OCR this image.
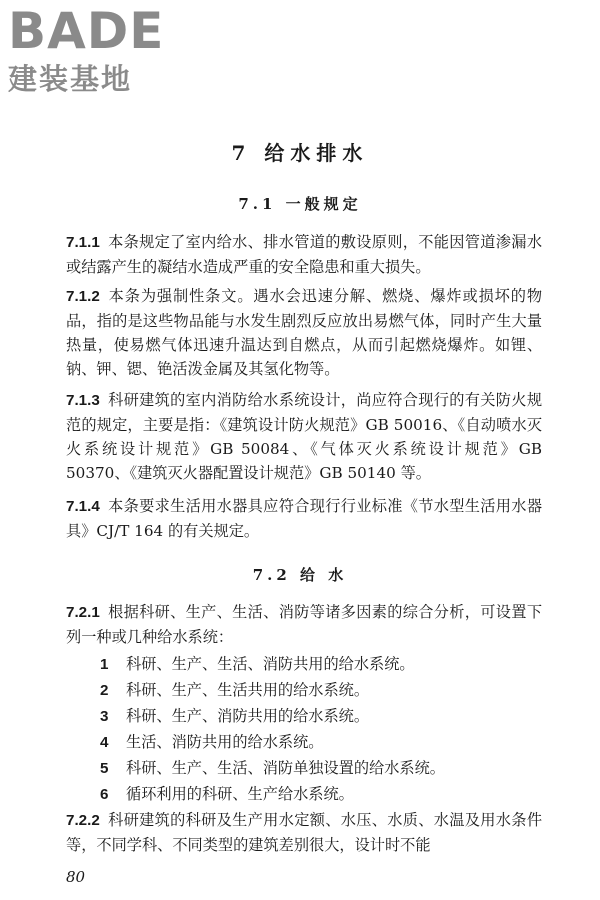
BADE
建装基地
7 给水排水
7.1 一般规定

7.1.1 本条规定了室内给水、排水管道的敷设原则，不能因管道渗漏水或结露产生的凝结水造成严重的安全隐患和重大损失。

7.1.2 本条为强制性条文。遇水会迅速分解、燃烧、爆炸或损坏的物品，指的是这些物品能与水发生剧烈反应放出易燃气体，同时产生大量热量，使易燃气体迅速升温达到自燃点，从而引起燃烧爆炸。如锂、钠、钾、锶、铯活泼金属及其氢化物等。

7.1.3 科研建筑的室内消防给水系统设计，尚应符合现行的有关防火规范的规定，主要是指：《建筑设计防火规范》GB 50016、《自动喷水灭火系统设计规范》GB 50084、《气体灭火系统设计规范》GB 50370、《建筑灭火器配置设计规范》GB 50140 等。

7.1.4 本条要求生活用水器具应符合现行行业标准《节水型生活用水器具》CJ/T 164 的有关规定。

7.2 给 水

7.2.1 根据科研、生产、生活、消防等诸多因素的综合分析，可设置下列一种或几种给水系统：

1 科研、生产、生活、消防共用的给水系统。

2 科研、生产、生活共用的给水系统。

3 科研、生产、消防共用的给水系统。

4 生活、消防共用的给水系统。

5 科研、生产、生活、消防单独设置的给水系统。

6 循环利用的科研、生产给水系统。

7.2.2 科研建筑的科研及生产用水定额、水压、水质、水温及用水条件等，不同学科、不同类型的建筑差别很大，设计时不能

80
